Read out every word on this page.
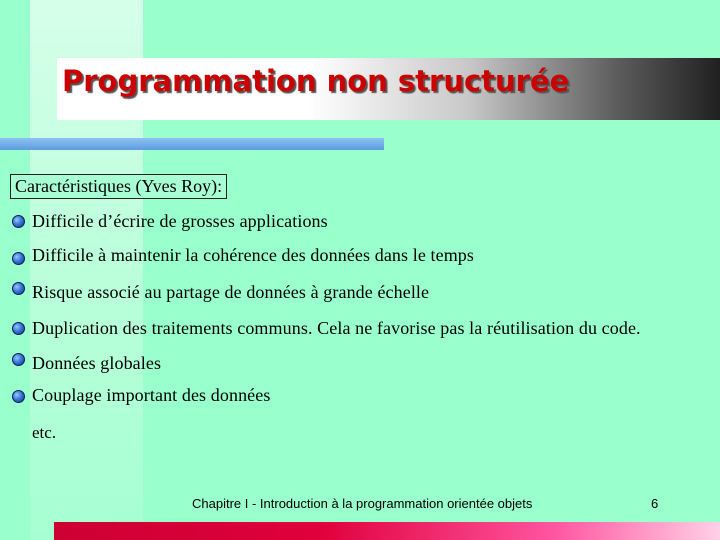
Programmation non structurée
Caractéristiques (Yves Roy):
Difficile d’écrire de grosses applications
Difficile à maintenir la cohérence des données dans le temps
Risque associé au partage de données à grande échelle
Duplication des traitements communs. Cela ne favorise pas la réutilisation du code.
Données globales
Couplage important des données
etc.
Chapitre I - Introduction à la programmation orientée objets	6
